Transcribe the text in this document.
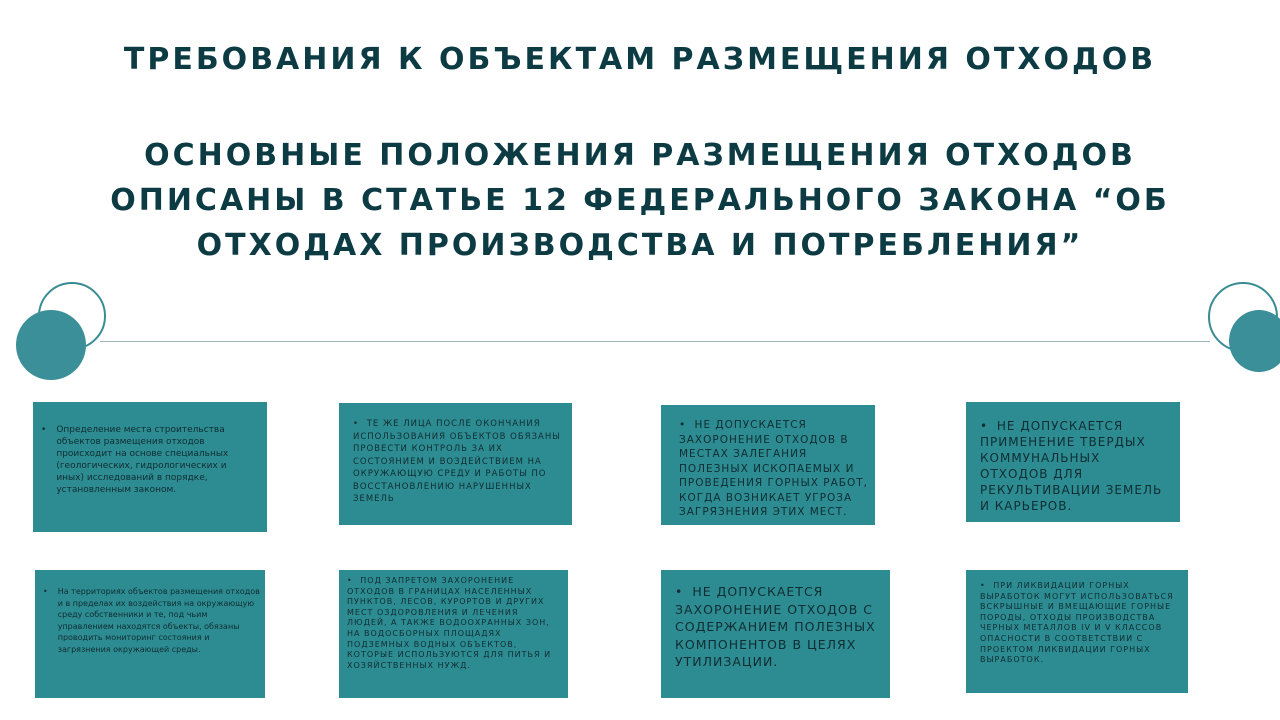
ТРЕБОВАНИЯ К ОБЪЕКТАМ РАЗМЕЩЕНИЯ ОТХОДОВ
ОСНОВНЫЕ ПОЛОЖЕНИЯ РАЗМЕЩЕНИЯ ОТХОДОВ ОПИСАНЫ В СТАТЬЕ 12 ФЕДЕРАЛЬНОГО ЗАКОНА “ОБ ОТХОДАХ ПРОИЗВОДСТВА И ПОТРЕБЛЕНИЯ”
• Определение места строительства объектов размещения отходов происходит на основе специальных (геологических, гидрологических и иных) исследований в порядке, установленным законом.
• ТЕ ЖЕ ЛИЦА ПОСЛЕ ОКОНЧАНИЯ ИСПОЛЬЗОВАНИЯ ОБЪЕКТОВ ОБЯЗАНЫ ПРОВЕСТИ КОНТРОЛЬ ЗА ИХ СОСТОЯНИЕМ И ВОЗДЕЙСТВИЕМ НА ОКРУЖАЮЩУЮ СРЕДУ И РАБОТЫ ПО ВОССТАНОВЛЕНИЮ НАРУШЕННЫХ ЗЕМЕЛЬ
• НЕ ДОПУСКАЕТСЯ ЗАХОРОНЕНИЕ ОТХОДОВ В МЕСТАХ ЗАЛЕГАНИЯ ПОЛЕЗНЫХ ИСКОПАЕМЫХ И ПРОВЕДЕНИЯ ГОРНЫХ РАБОТ, КОГДА ВОЗНИКАЕТ УГРОЗА ЗАГРЯЗНЕНИЯ ЭТИХ МЕСТ.
• НЕ ДОПУСКАЕТСЯ ПРИМЕНЕНИЕ ТВЕРДЫХ КОММУНАЛЬНЫХ ОТХОДОВ ДЛЯ РЕКУЛЬТИВАЦИИ ЗЕМЕЛЬ И КАРЬЕРОВ.
• На территориях объектов размещения отходов и в пределах их воздействия на окружающую среду собственники и те, под чьим управлением находятся объекты, обязаны проводить мониторинг состояния и загрязнения окружающей среды.
• ПОД ЗАПРЕТОМ ЗАХОРОНЕНИЕ ОТХОДОВ В ГРАНИЦАХ НАСЕЛЕННЫХ ПУНКТОВ, ЛЕСОВ, КУРОРТОВ И ДРУГИХ МЕСТ ОЗДОРОВЛЕНИЯ И ЛЕЧЕНИЯ ЛЮДЕЙ, А ТАКЖЕ ВОДООХРАННЫХ ЗОН, НА ВОДОСБОРНЫХ ПЛОЩАДЯХ ПОДЗЕМНЫХ ВОДНЫХ ОБЪЕКТОВ, КОТОРЫЕ ИСПОЛЬЗУЮТСЯ ДЛЯ ПИТЬЯ И ХОЗЯЙСТВЕННЫХ НУЖД.
• НЕ ДОПУСКАЕТСЯ ЗАХОРОНЕНИЕ ОТХОДОВ С СОДЕРЖАНИЕМ ПОЛЕЗНЫХ КОМПОНЕНТОВ В ЦЕЛЯХ УТИЛИЗАЦИИ.
• ПРИ ЛИКВИДАЦИИ ГОРНЫХ ВЫРАБОТОК МОГУТ ИСПОЛЬЗОВАТЬСЯ ВСКРЫШНЫЕ И ВМЕЩАЮЩИЕ ГОРНЫЕ ПОРОДЫ, ОТХОДЫ ПРОИЗВОДСТВА ЧЕРНЫХ МЕТАЛЛОВ IV И V КЛАССОВ ОПАСНОСТИ В СООТВЕТСТВИИ С ПРОЕКТОМ ЛИКВИДАЦИИ ГОРНЫХ ВЫРАБОТОК.
